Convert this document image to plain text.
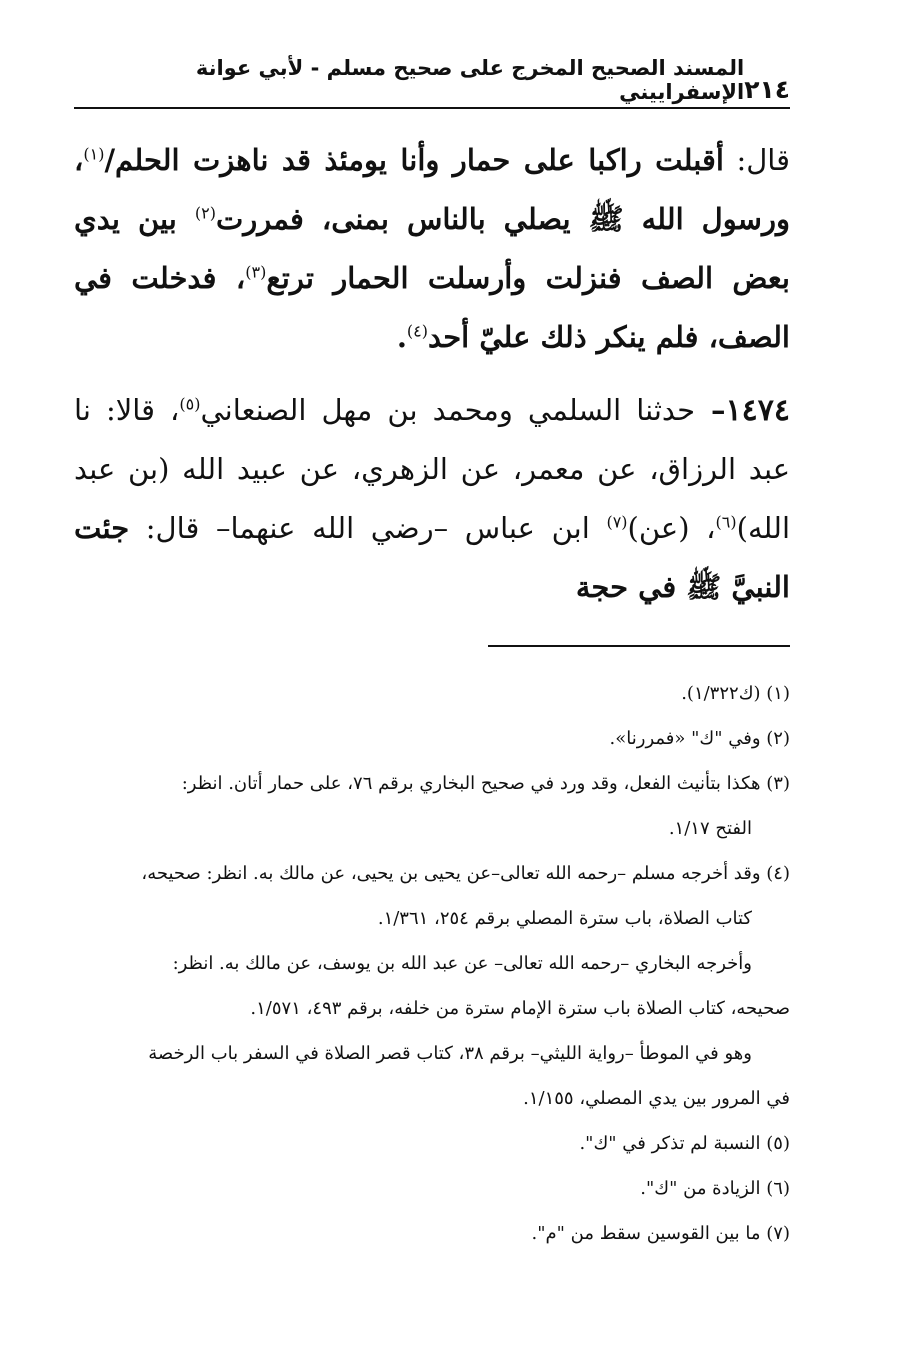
٢١٤
المسند الصحيح المخرج على صحيح مسلم - لأبي عوانة الإسفراييني

قال: أقبلت راكبا على حمار وأنا يومئذ قد ناهزت الحلم/$^{(١)}$، ورسول الله ﷺ يصلي بالناس بمنى، فمررت$^{(٢)}$ بين يدي بعض الصف فنزلت وأرسلت الحمار ترتع$^{(٣)}$، فدخلت في الصف، فلم ينكر ذلك عليّ أحد$^{(٤)}$.

١٤٧٤– حدثنا السلمي ومحمد بن مهل الصنعاني$^{(٥)}$، قالا: نا عبد الرزاق، عن معمر، عن الزهري، عن عبيد الله (بن عبد الله)$^{(٦)}$، (عن)$^{(٧)}$ ابن عباس –رضي الله عنهما– قال: جئت النبيَّ ﷺ في حجة

(١) (ك١/٣٢٢).
(٢) وفي "ك" «فمررنا».
(٣) هكذا بتأنيث الفعل، وقد ورد في صحيح البخاري برقم ٧٦، على حمار أتان. انظر:
الفتح ١/١٧.
(٤) وقد أخرجه مسلم –رحمه الله تعالى–عن يحيى بن يحيى، عن مالك به. انظر: صحيحه،
كتاب الصلاة، باب سترة المصلي برقم ٢٥٤، ١/٣٦١.
وأخرجه البخاري –رحمه الله تعالى– عن عبد الله بن يوسف، عن مالك به. انظر:
صحيحه، كتاب الصلاة باب سترة الإمام سترة من خلفه، برقم ٤٩٣، ١/٥٧١.
وهو في الموطأ –رواية الليثي– برقم ٣٨، كتاب قصر الصلاة في السفر باب الرخصة
في المرور بين يدي المصلي، ١/١٥٥.
(٥) النسبة لم تذكر في "ك".
(٦) الزيادة من "ك".
(٧) ما بين القوسين سقط من "م".
